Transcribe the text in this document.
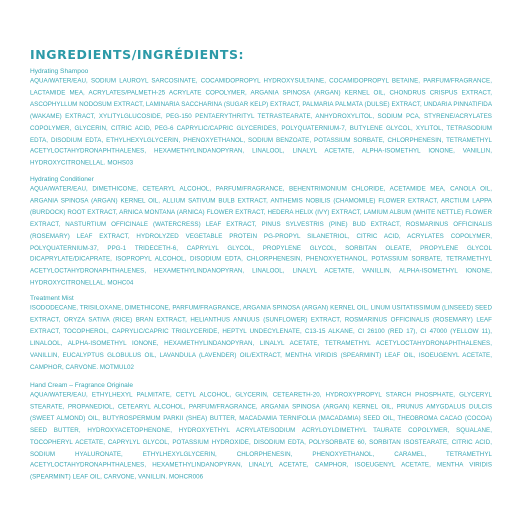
INGREDIENTS/INGRÉDIENTS:

Hydrating Shampoo

AQUA/WATER/EAU, SODIUM LAUROYL SARCOSINATE, COCAMIDOPROPYL HYDROXYSULTAINE, COCAMIDOPROPYL BETAINE, PARFUM/FRAGRANCE, LACTAMIDE MEA, ACRYLATES/PALMETH-25 ACRYLATE COPOLYMER, ARGANIA SPINOSA (ARGAN) KERNEL OIL, CHONDRUS CRISPUS EXTRACT, ASCOPHYLLUM NODOSUM EXTRACT, LAMINARIA SACCHARINA (SUGAR KELP) EXTRACT, PALMARIA PALMATA (DULSE) EXTRACT, UNDARIA PINNATIFIDA (WAKAME) EXTRACT, XYLITYLGLUCOSIDE, PEG-150 PENTAERYTHRITYL TETRASTEARATE, ANHYDROXYLITOL, SODIUM PCA, STYRENE/ACRYLATES COPOLYMER, GLYCERIN, CITRIC ACID, PEG-6 CAPRYLIC/CAPRIC GLYCERIDES, POLYQUATERNIUM-7, BUTYLENE GLYCOL, XYLITOL, TETRASODIUM EDTA, DISODIUM EDTA, ETHYLHEXYLGLYCERIN, PHENOXYETHANOL, SODIUM BENZOATE, POTASSIUM SORBATE, CHLORPHENESIN, TETRAMETHYL ACETYLOCTAHYDRONAPHTHALENES, HEXAMETHYLINDANOPYRAN, LINALOOL, LINALYL ACETATE, ALPHA-ISOMETHYL IONONE, VANILLIN, HYDROXYCITRONELLAL. MOHS03

Hydrating Conditioner

AQUA/WATER/EAU, DIMETHICONE, CETEARYL ALCOHOL, PARFUM/FRAGRANCE, BEHENTRIMONIUM CHLORIDE, ACETAMIDE MEA, CANOLA OIL, ARGANIA SPINOSA (ARGAN) KERNEL OIL, ALLIUM SATIVUM BULB EXTRACT, ANTHEMIS NOBILIS (CHAMOMILE) FLOWER EXTRACT, ARCTIUM LAPPA (BURDOCK) ROOT EXTRACT, ARNICA MONTANA (ARNICA) FLOWER EXTRACT, HEDERA HELIX (IVY) EXTRACT, LAMIUM ALBUM (WHITE NETTLE) FLOWER EXTRACT, NASTURTIUM OFFICINALE (WATERCRESS) LEAF EXTRACT, PINUS SYLVESTRIS (PINE) BUD EXTRACT, ROSMARINUS OFFICINALIS (ROSEMARY) LEAF EXTRACT, HYDROLYZED VEGETABLE PROTEIN PG-PROPYL SILANETRIOL, CITRIC ACID, ACRYLATES COPOLYMER, POLYQUATERNIUM-37, PPG-1 TRIDECETH-6, CAPRYLYL GLYCOL, PROPYLENE GLYCOL, SORBITAN OLEATE, PROPYLENE GLYCOL DICAPRYLATE/DICAPRATE, ISOPROPYL ALCOHOL, DISODIUM EDTA, CHLORPHENESIN, PHENOXYETHANOL, POTASSIUM SORBATE, TETRAMETHYL ACETYLOCTAHYDRONAPHTHALENES, HEXAMETHYLINDANOPYRAN, LINALOOL, LINALYL ACETATE, VANILLIN, ALPHA-ISOMETHYL IONONE, HYDROXYCITRONELLAL. MOHC04

Treatment Mist

ISODODECANE, TRISILOXANE, DIMETHICONE, PARFUM/FRAGRANCE, ARGANIA SPINOSA (ARGAN) KERNEL OIL, LINUM USITATISSIMUM (LINSEED) SEED EXTRACT, ORYZA SATIVA (RICE) BRAN EXTRACT, HELIANTHUS ANNUUS (SUNFLOWER) EXTRACT, ROSMARINUS OFFICINALIS (ROSEMARY) LEAF EXTRACT, TOCOPHEROL, CAPRYLIC/CAPRIC TRIGLYCERIDE, HEPTYL UNDECYLENATE, C13-15 ALKANE, CI 26100 (RED 17), CI 47000 (YELLOW 11), LINALOOL, ALPHA-ISOMETHYL IONONE, HEXAMETHYLINDANOPYRAN, LINALYL ACETATE, TETRAMETHYL ACETYLOCTAHYDRONAPHTHALENES, VANILLIN, EUCALYPTUS GLOBULUS OIL, LAVANDULA (LAVENDER) OIL/EXTRACT, MENTHA VIRIDIS (SPEARMINT) LEAF OIL, ISOEUGENYL ACETATE, CAMPHOR, CARVONE. MOTMUL02

Hand Cream – Fragrance Originale

AQUA/WATER/EAU, ETHYLHEXYL PALMITATE, CETYL ALCOHOL, GLYCERIN, CETEARETH-20, HYDROXYPROPYL STARCH PHOSPHATE, GLYCERYL STEARATE, PROPANEDIOL, CETEARYL ALCOHOL, PARFUM/FRAGRANCE, ARGANIA SPINOSA (ARGAN) KERNEL OIL, PRUNUS AMYGDALUS DULCIS (SWEET ALMOND) OIL, BUTYROSPERMUM PARKII (SHEA) BUTTER, MACADAMIA TERNIFOLIA (MACADAMIA) SEED OIL, THEOBROMA CACAO (COCOA) SEED BUTTER, HYDROXYACETOPHENONE, HYDROXYETHYL ACRYLATE/SODIUM ACRYLOYLDIMETHYL TAURATE COPOLYMER, SQUALANE, TOCOPHERYL ACETATE, CAPRYLYL GLYCOL, POTASSIUM HYDROXIDE, DISODIUM EDTA, POLYSORBATE 60, SORBITAN ISOSTEARATE, CITRIC ACID, SODIUM HYALURONATE, ETHYLHEXYLGLYCERIN, CHLORPHENESIN, PHENOXYETHANOL, CARAMEL, TETRAMETHYL ACETYLOCTAHYDRONAPHTHALENES, HEXAMETHYLINDANOPYRAN, LINALYL ACETATE, CAMPHOR, ISOEUGENYL ACETATE, MENTHA VIRIDIS (SPEARMINT) LEAF OIL, CARVONE, VANILLIN. MOHCR006
